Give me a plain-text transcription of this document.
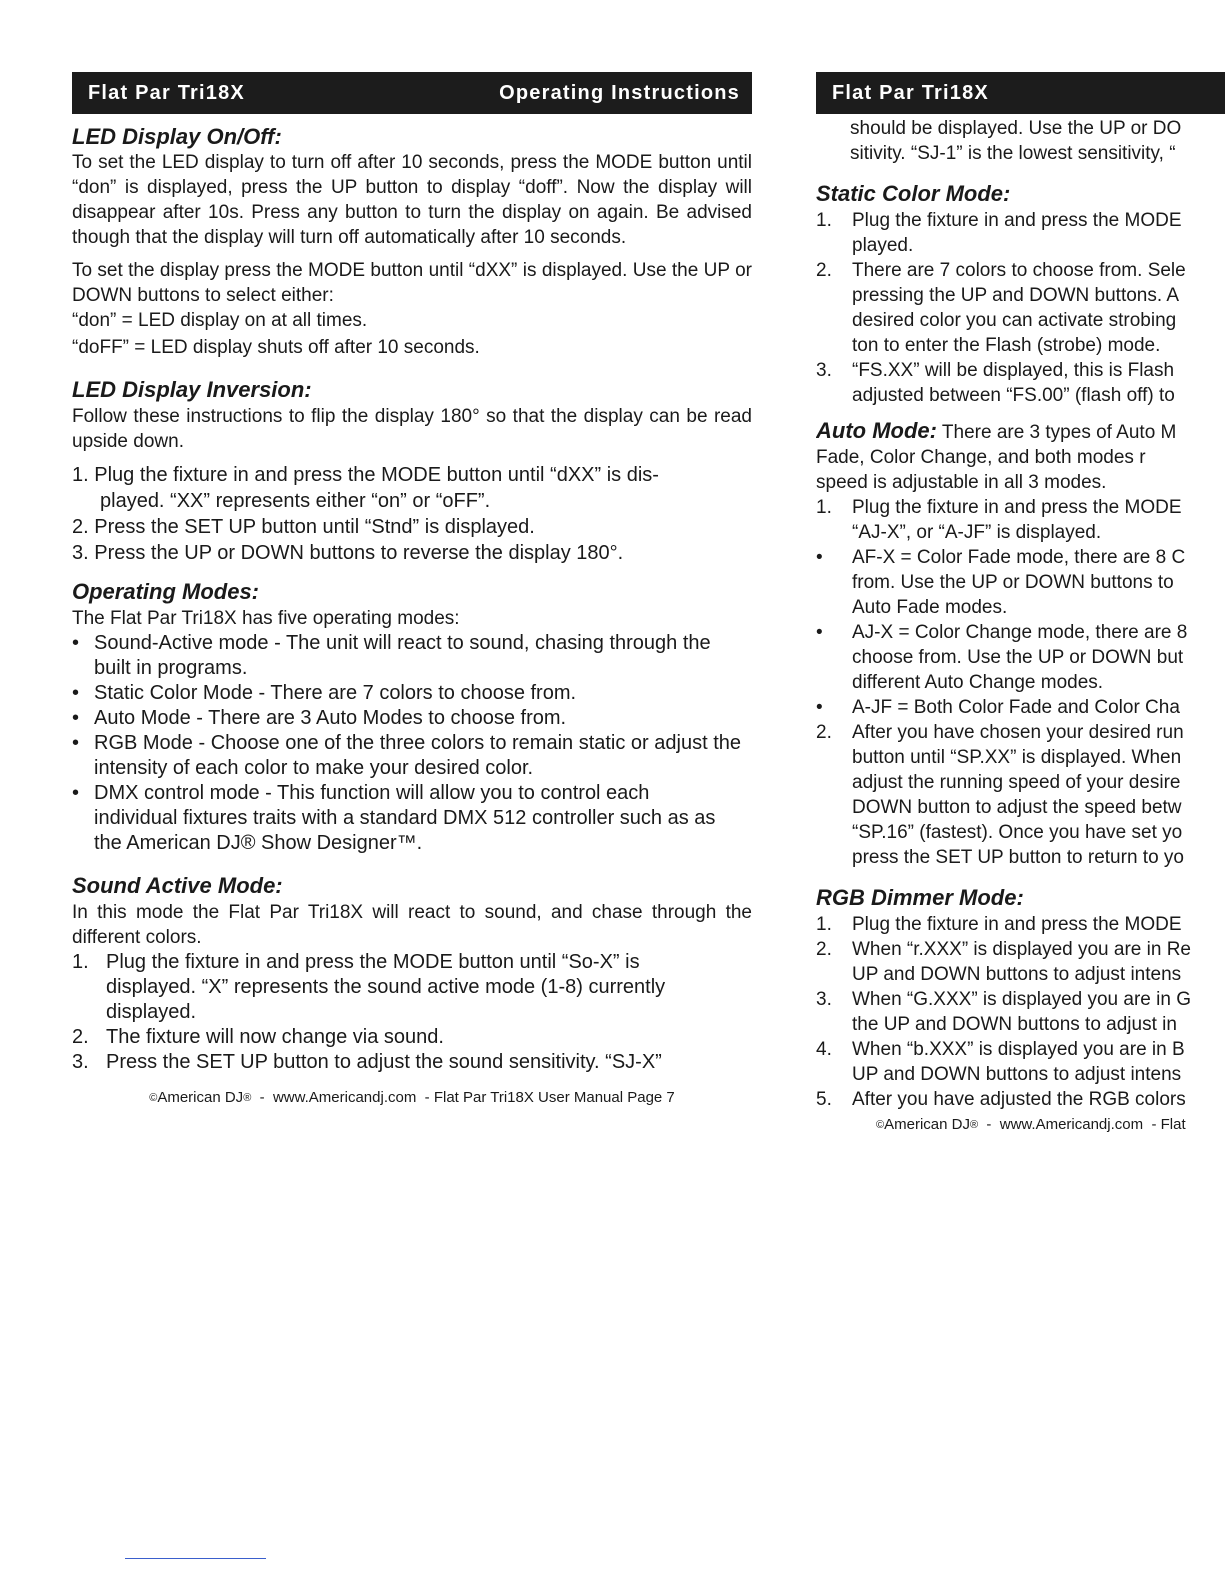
Flat Par Tri18X	Operating Instructions
LED Display On/Off:

To set the LED display to turn off after 10 seconds, press the MODE button until “don” is displayed, press the UP button to display “doff”. Now the display will disappear after 10s. Press any button to turn the display on again. Be advised though that the display will turn off automatically after 10 seconds.

To set the display press the MODE button until “dXX” is displayed. Use the UP or DOWN buttons to select either:

“don” = LED display on at all times.

“doFF” = LED display shuts off after 10 seconds.

LED Display Inversion:

Follow these instructions to flip the display 180° so that the display can be read upside down.

1. Plug the fixture in and press the MODE button until “dXX” is dis-

played. “XX” represents either “on” or “oFF”.

2. Press the SET UP button until “Stnd” is displayed.

3. Press the UP or DOWN buttons to reverse the display 180°.

Operating Modes:

The Flat Par Tri18X has five operating modes:

• Sound-Active mode - The unit will react to sound, chasing through the built in programs.
• Static Color Mode - There are 7 colors to choose from.
• Auto Mode - There are 3 Auto Modes to choose from.
• RGB Mode - Choose one of the three colors to remain static or adjust the intensity of each color to make your desired color.
• DMX control mode - This function will allow you to control each individual fixtures traits with a standard DMX 512 controller such as as the American DJ® Show Designer™.
Sound Active Mode:

In this mode the Flat Par Tri18X will react to sound, and chase through the different colors.

1. Plug the fixture in and press the MODE button until “So-X” is displayed. “X” represents the sound active mode (1-8) currently displayed.
2. The fixture will now change via sound.
3. Press the SET UP button to adjust the sound sensitivity. “SJ-X”
©American DJ®  -  www.Americandj.com  - Flat Par Tri18X User Manual Page 7
Flat Par Tri18X

should be displayed. Use the UP or DO

sitivity. “SJ-1” is the lowest sensitivity, “

Static Color Mode:
1.	Plug the fixture in and press the MODE
played.
2.	There are 7 colors to choose from. Sele
pressing the UP and DOWN buttons. A
desired color you can activate strobing
ton to enter the Flash (strobe) mode.
3.	“FS.XX” will be displayed, this is Flash
adjusted between “FS.00” (flash off) to

Auto Mode: There are 3 types of Auto M

Fade, Color Change, and both modes r

speed is adjustable in all 3 modes.

1.	Plug the fixture in and press the MODE
“AJ-X”, or “A-JF” is displayed.
•	AF-X = Color Fade mode, there are 8 C
from. Use the UP or DOWN buttons to
Auto Fade modes.
•	AJ-X = Color Change mode, there are 8
choose from. Use the UP or DOWN but
different Auto Change modes.
•	A-JF = Both Color Fade and Color Cha
2.	After you have chosen your desired run
button until “SP.XX” is displayed. When
adjust the running speed of your desire
DOWN button to adjust the speed betw
“SP.16” (fastest). Once you have set yo
press the SET UP button to return to yo
RGB Dimmer Mode:
1.	Plug the fixture in and press the MODE
2.	When “r.XXX” is displayed you are in Re
UP and DOWN buttons to adjust intens
3.	When “G.XXX” is displayed you are in G
the UP and DOWN buttons to adjust in
4.	When “b.XXX” is displayed you are in B
UP and DOWN buttons to adjust intens
5.	After you have adjusted the RGB colors
©American DJ®  -  www.Americandj.com  - Flat
